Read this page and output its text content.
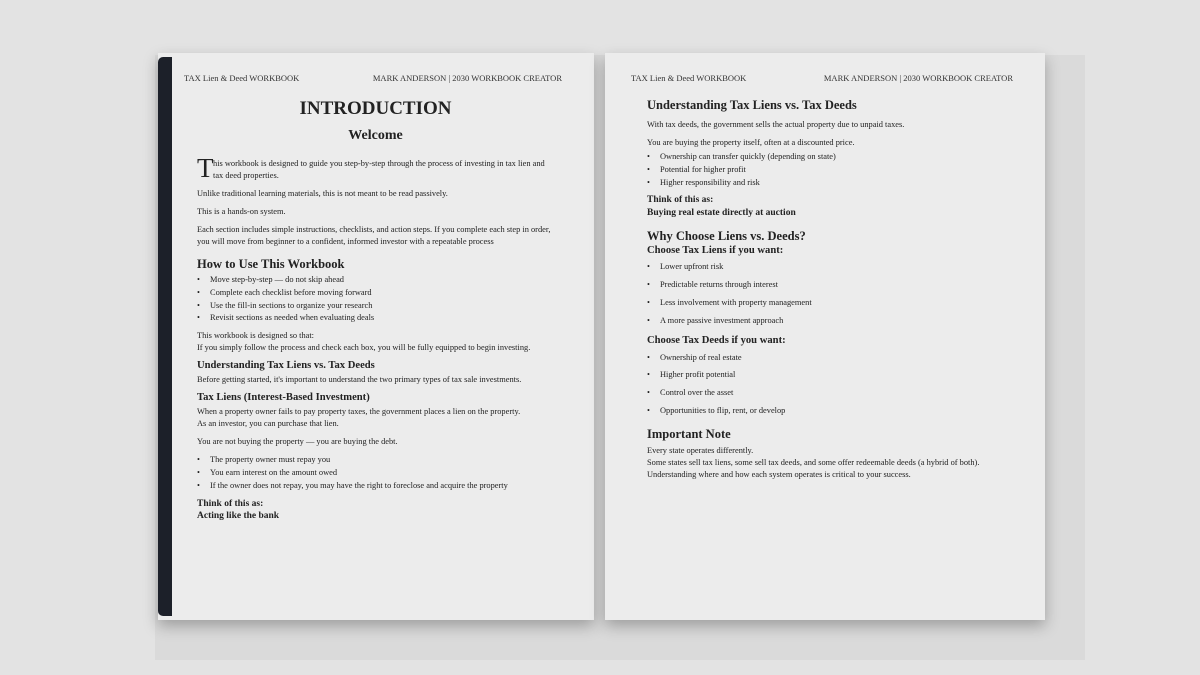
TAX Lien & Deed WORKBOOK	MARK ANDERSON | 2030 WORKBOOK CREATOR
INTRODUCTION
Welcome
T his workbook is designed to guide you step-by-step through the process of investing in tax lien and tax deed properties.

Unlike traditional learning materials, this is not meant to be read passively.

This is a hands-on system.

Each section includes simple instructions, checklists, and action steps. If you complete each step in order, you will move from beginner to a confident, informed investor with a repeatable process

How to Use This Workbook
• Move step-by-step — do not skip ahead
• Complete each checklist before moving forward
• Use the fill-in sections to organize your research
• Revisit sections as needed when evaluating deals

This workbook is designed so that:

If you simply follow the process and check each box, you will be fully equipped to begin investing.

Understanding Tax Liens vs. Tax Deeds

Before getting started, it's important to understand the two primary types of tax sale investments.

Tax Liens (Interest-Based Investment)

When a property owner fails to pay property taxes, the government places a lien on the property.

As an investor, you can purchase that lien.

You are not buying the property — you are buying the debt.

• The property owner must repay you
• You earn interest on the amount owed
• If the owner does not repay, you may have the right to foreclose and acquire the property
Think of this as:
Acting like the bank
TAX Lien & Deed WORKBOOK	MARK ANDERSON | 2030 WORKBOOK CREATOR
Understanding Tax Liens vs. Tax Deeds

With tax deeds, the government sells the actual property due to unpaid taxes.

You are buying the property itself, often at a discounted price.

• Ownership can transfer quickly (depending on state)
• Potential for higher profit
• Higher responsibility and risk
Think of this as:
Buying real estate directly at auction
Why Choose Liens vs. Deeds?
Choose Tax Liens if you want:
• Lower upfront risk
• Predictable returns through interest
• Less involvement with property management
• A more passive investment approach
Choose Tax Deeds if you want:
• Ownership of real estate
• Higher profit potential
• Control over the asset
• Opportunities to flip, rent, or develop
Important Note

Every state operates differently.

Some states sell tax liens, some sell tax deeds, and some offer redeemable deeds (a hybrid of both).

Understanding where and how each system operates is critical to your success.
